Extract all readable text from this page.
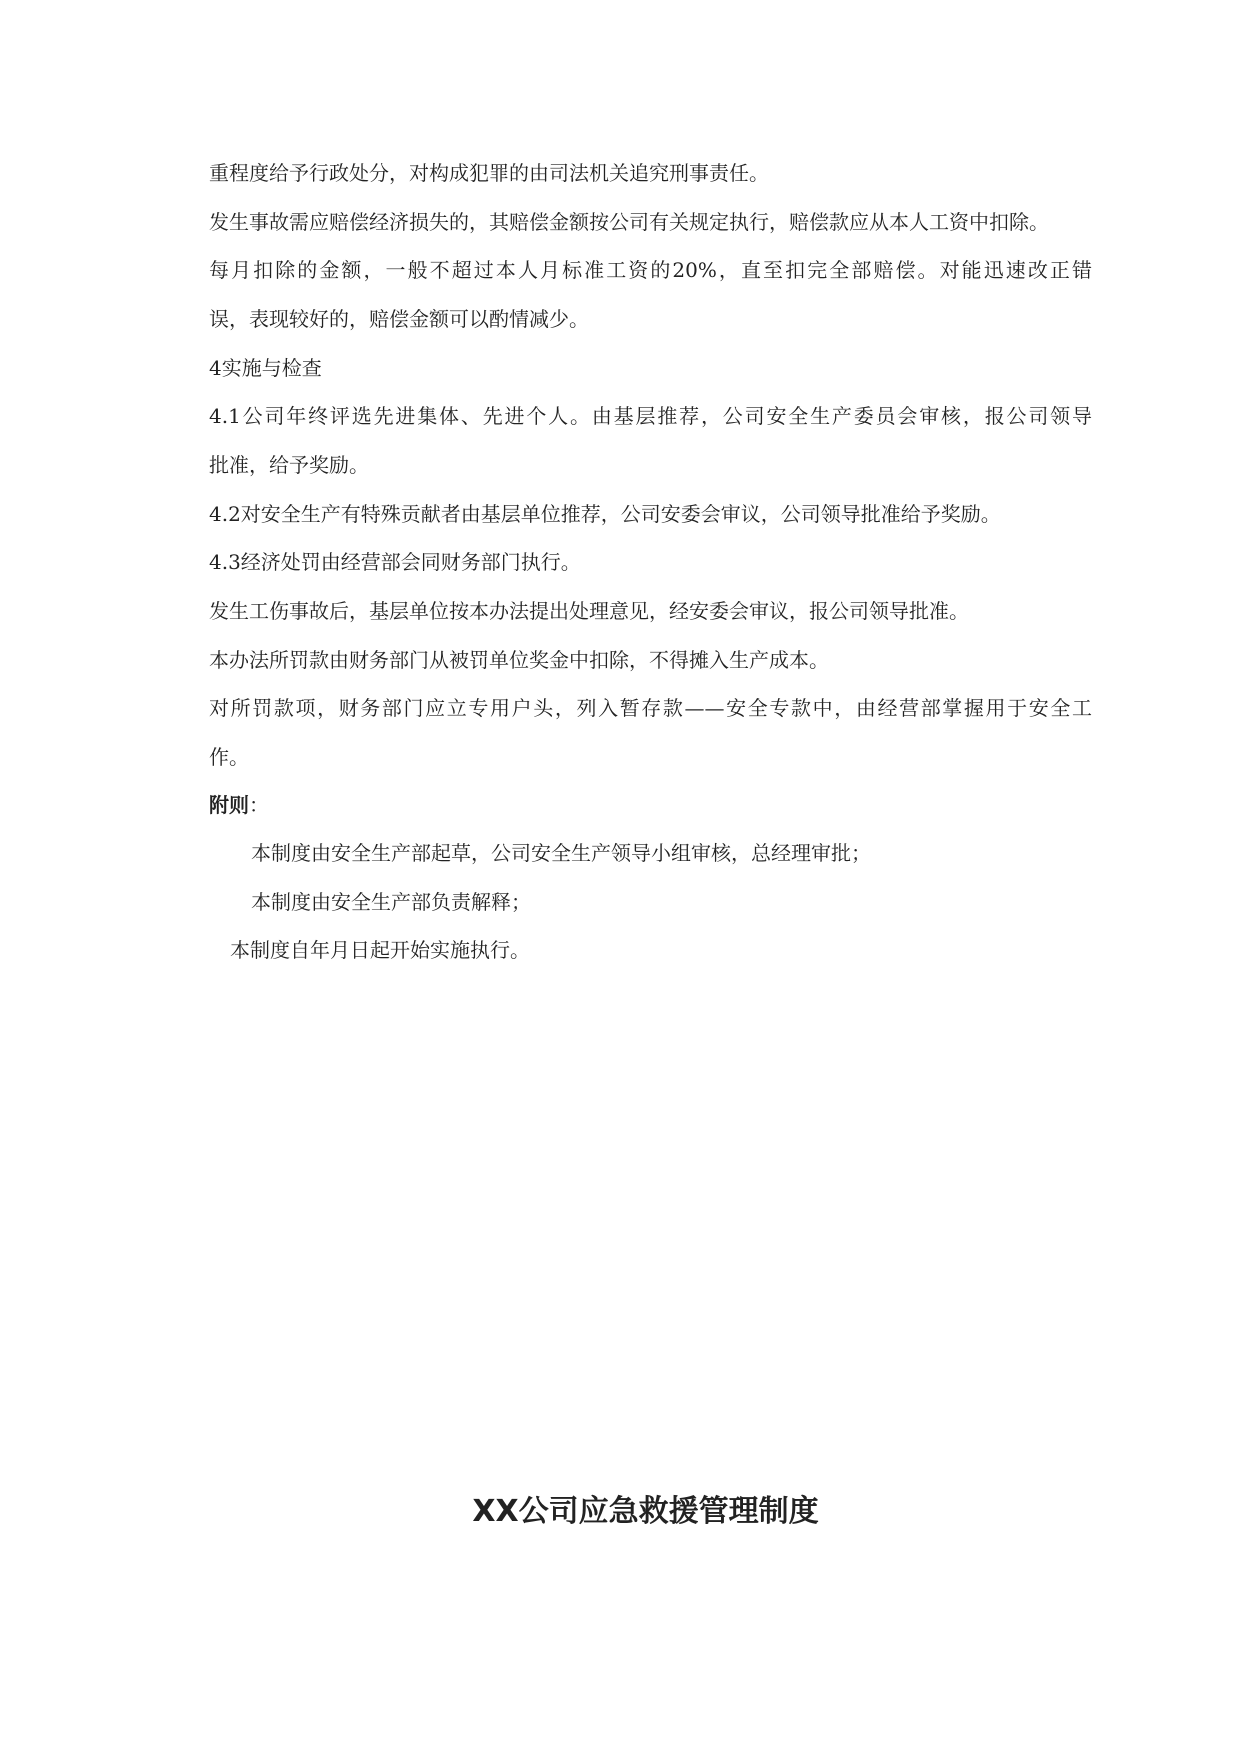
重程度给予行政处分，对构成犯罪的由司法机关追究刑事责任。
发生事故需应赔偿经济损失的，其赔偿金额按公司有关规定执行，赔偿款应从本人工资中扣除。
每月扣除的金额，一般不超过本人月标准工资的20%，直至扣完全部赔偿。对能迅速改正错
误，表现较好的，赔偿金额可以酌情减少。
4实施与检查
4.1公司年终评选先进集体、先进个人。由基层推荐，公司安全生产委员会审核，报公司领导
批准，给予奖励。
4.2对安全生产有特殊贡献者由基层单位推荐，公司安委会审议，公司领导批准给予奖励。
4.3经济处罚由经营部会同财务部门执行。
发生工伤事故后，基层单位按本办法提出处理意见，经安委会审议，报公司领导批准。
本办法所罚款由财务部门从被罚单位奖金中扣除，不得摊入生产成本。
对所罚款项，财务部门应立专用户头，列入暂存款——安全专款中，由经营部掌握用于安全工
作。
附则：
本制度由安全生产部起草，公司安全生产领导小组审核，总经理审批；
本制度由安全生产部负责解释；
本制度自年月日起开始实施执行。
XX公司应急救援管理制度
